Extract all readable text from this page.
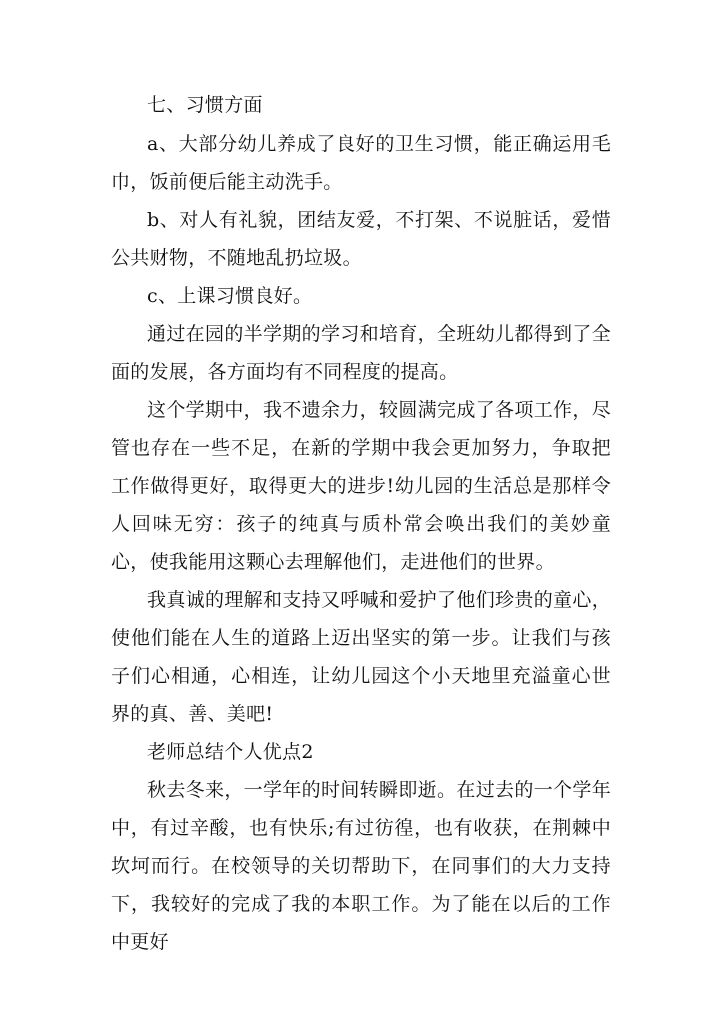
七、习惯方面

a、大部分幼儿养成了良好的卫生习惯，能正确运用毛巾，饭前便后能主动洗手。

b、对人有礼貌，团结友爱，不打架、不说脏话，爱惜公共财物，不随地乱扔垃圾。

c、上课习惯良好。

通过在园的半学期的学习和培育，全班幼儿都得到了全面的发展，各方面均有不同程度的提高。

这个学期中，我不遗余力，较圆满完成了各项工作，尽管也存在一些不足，在新的学期中我会更加努力，争取把工作做得更好，取得更大的进步!幼儿园的生活总是那样令人回味无穷：孩子的纯真与质朴常会唤出我们的美妙童心，使我能用这颗心去理解他们，走进他们的世界。

我真诚的理解和支持又呼喊和爱护了他们珍贵的童心，使他们能在人生的道路上迈出坚实的第一步。让我们与孩子们心相通，心相连，让幼儿园这个小天地里充溢童心世界的真、善、美吧!

老师总结个人优点2

秋去冬来，一学年的时间转瞬即逝。在过去的一个学年中，有过辛酸，也有快乐;有过彷徨，也有收获，在荆棘中坎坷而行。在校领导的关切帮助下，在同事们的大力支持下，我较好的完成了我的本职工作。为了能在以后的工作中更好
